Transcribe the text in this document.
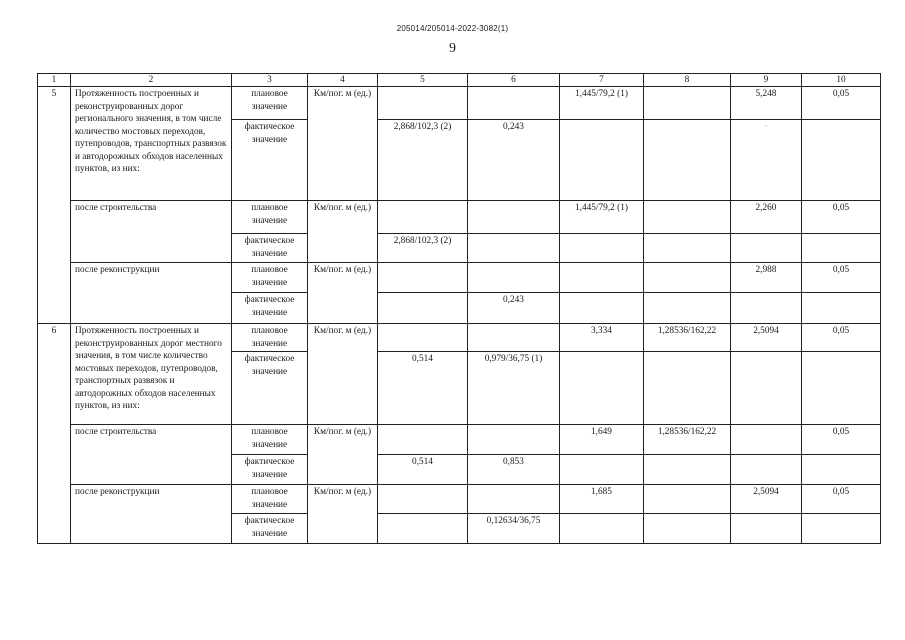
205014/205014-2022-3082(1)
9
1	2	3	4	5	6	7	8	9	10
5	Протяженность построенных и реконструированных дорог регионального значения, в том числе количество мостовых переходов, путепроводов, транспортных развязок и автодорожных обходов населенных пунктов, из них:	плановое значение	Км/пог. м (ед.)			1,445/79,2 (1)		5,248	0,05
		фактическое значение		2,868/102,3 (2)	0,243			·	
	после строительства	плановое значение	Км/пог. м (ед.)			1,445/79,2 (1)		2,260	0,05
		фактическое значение		2,868/102,3 (2)					
	после реконструкции	плановое значение	Км/пог. м (ед.)					2,988	0,05
		фактическое значение			0,243				
6	Протяженность построенных и реконструированных дорог местного значения, в том числе количество мостовых переходов, путепроводов, транспортных развязок и автодорожных обходов населенных пунктов, из них:	плановое значение	Км/пог. м (ед.)			3,334	1,28536/162,22	2,5094	0,05
		фактическое значение		0,514	0,979/36,75 (1)				
	после строительства	плановое значение	Км/пог. м (ед.)			1,649	1,28536/162,22		0,05
		фактическое значение		0,514	0,853				
	после реконструкции	плановое значение	Км/пог. м (ед.)			1,685		2,5094	0,05
		фактическое значение			0,12634/36,75				
